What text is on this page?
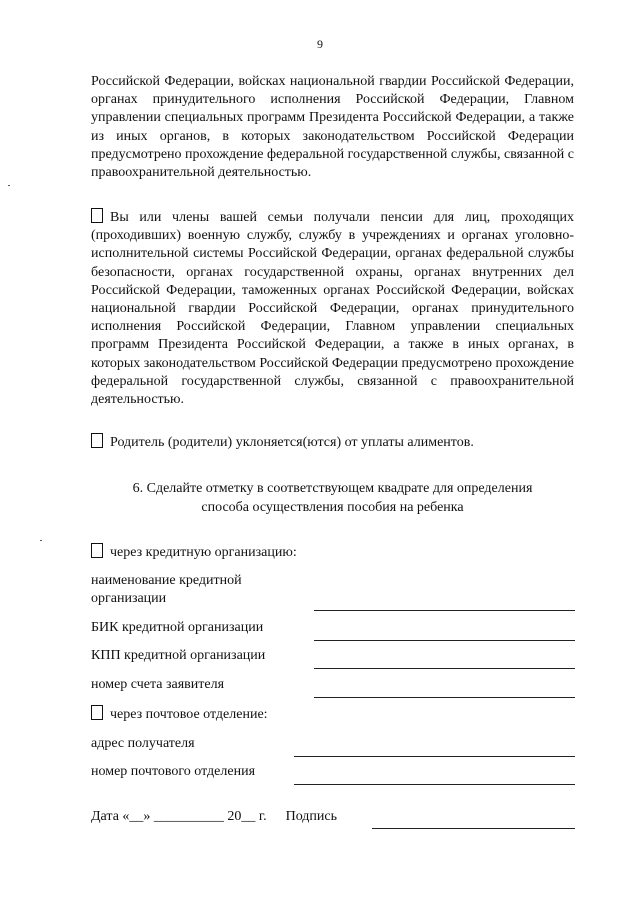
9
Российской Федерации, войсках национальной гвардии Российской Федерации, органах принудительного исполнения Российской Федерации, Главном управлении специальных программ Президента Российской Федерации, а также из иных органов, в которых законодательством Российской Федерации предусмотрено прохождение федеральной государственной службы, связанной с правоохранительной деятельностью.
Вы или члены вашей семьи получали пенсии для лиц, проходящих (проходивших) военную службу, службу в учреждениях и органах уголовно-исполнительной системы Российской Федерации, органах федеральной службы безопасности, органах государственной охраны, органах внутренних дел Российской Федерации, таможенных органах Российской Федерации, войсках национальной гвардии Российской Федерации, органах принудительного исполнения Российской Федерации, Главном управлении специальных программ Президента Российской Федерации, а также в иных органах, в которых законодательством Российской Федерации предусмотрено прохождение федеральной государственной службы, связанной с правоохранительной деятельностью.
Родитель (родители) уклоняется(ются) от уплаты алиментов.
6. Сделайте отметку в соответствующем квадрате для определения
способа осуществления пособия на ребенка
через кредитную организацию:
наименование кредитной
организации
БИК кредитной организации
КПП кредитной организации
номер счета заявителя
через почтовое отделение:
адрес получателя
номер почтового отделения
Дата «__» __________ 20__ г. Подпись
